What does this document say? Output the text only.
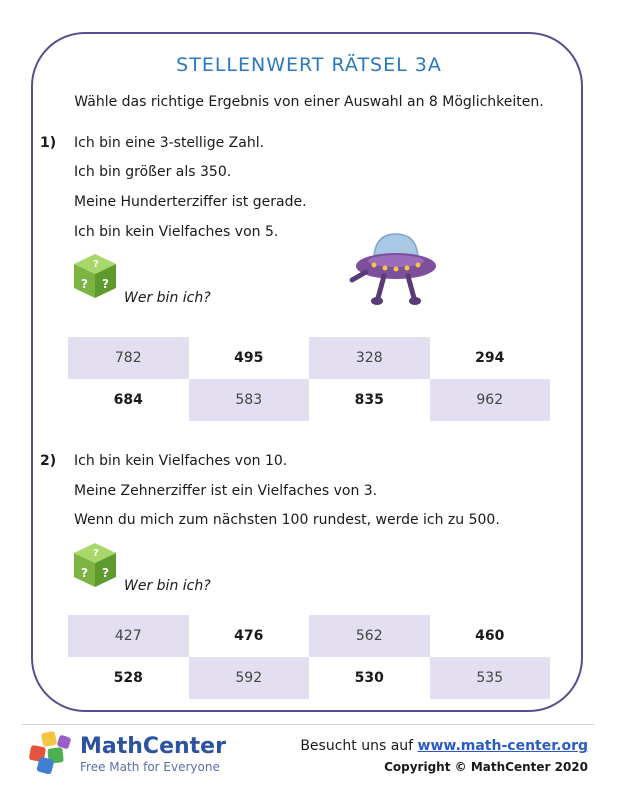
STELLENWERT RÄTSEL 3A
Wähle das richtige Ergebnis von einer Auswahl an 8 Möglichkeiten.
1) Ich bin eine 3-stellige Zahl.
Ich bin größer als 350.
Meine Hunderterziffer ist gerade.
Ich bin kein Vielfaches von 5.
?
? ?
Wer bin ich?
782	495	328	294
684	583	835	962
2) Ich bin kein Vielfaches von 10.
Meine Zehnerziffer ist ein Vielfaches von 3.
Wenn du mich zum nächsten 100 rundest, werde ich zu 500.
?
? ?
Wer bin ich?
427	476	562	460
528	592	530	535
MathCenter
Free Math for Everyone
Besucht uns auf www.math-center.org
Copyright © MathCenter 2020
